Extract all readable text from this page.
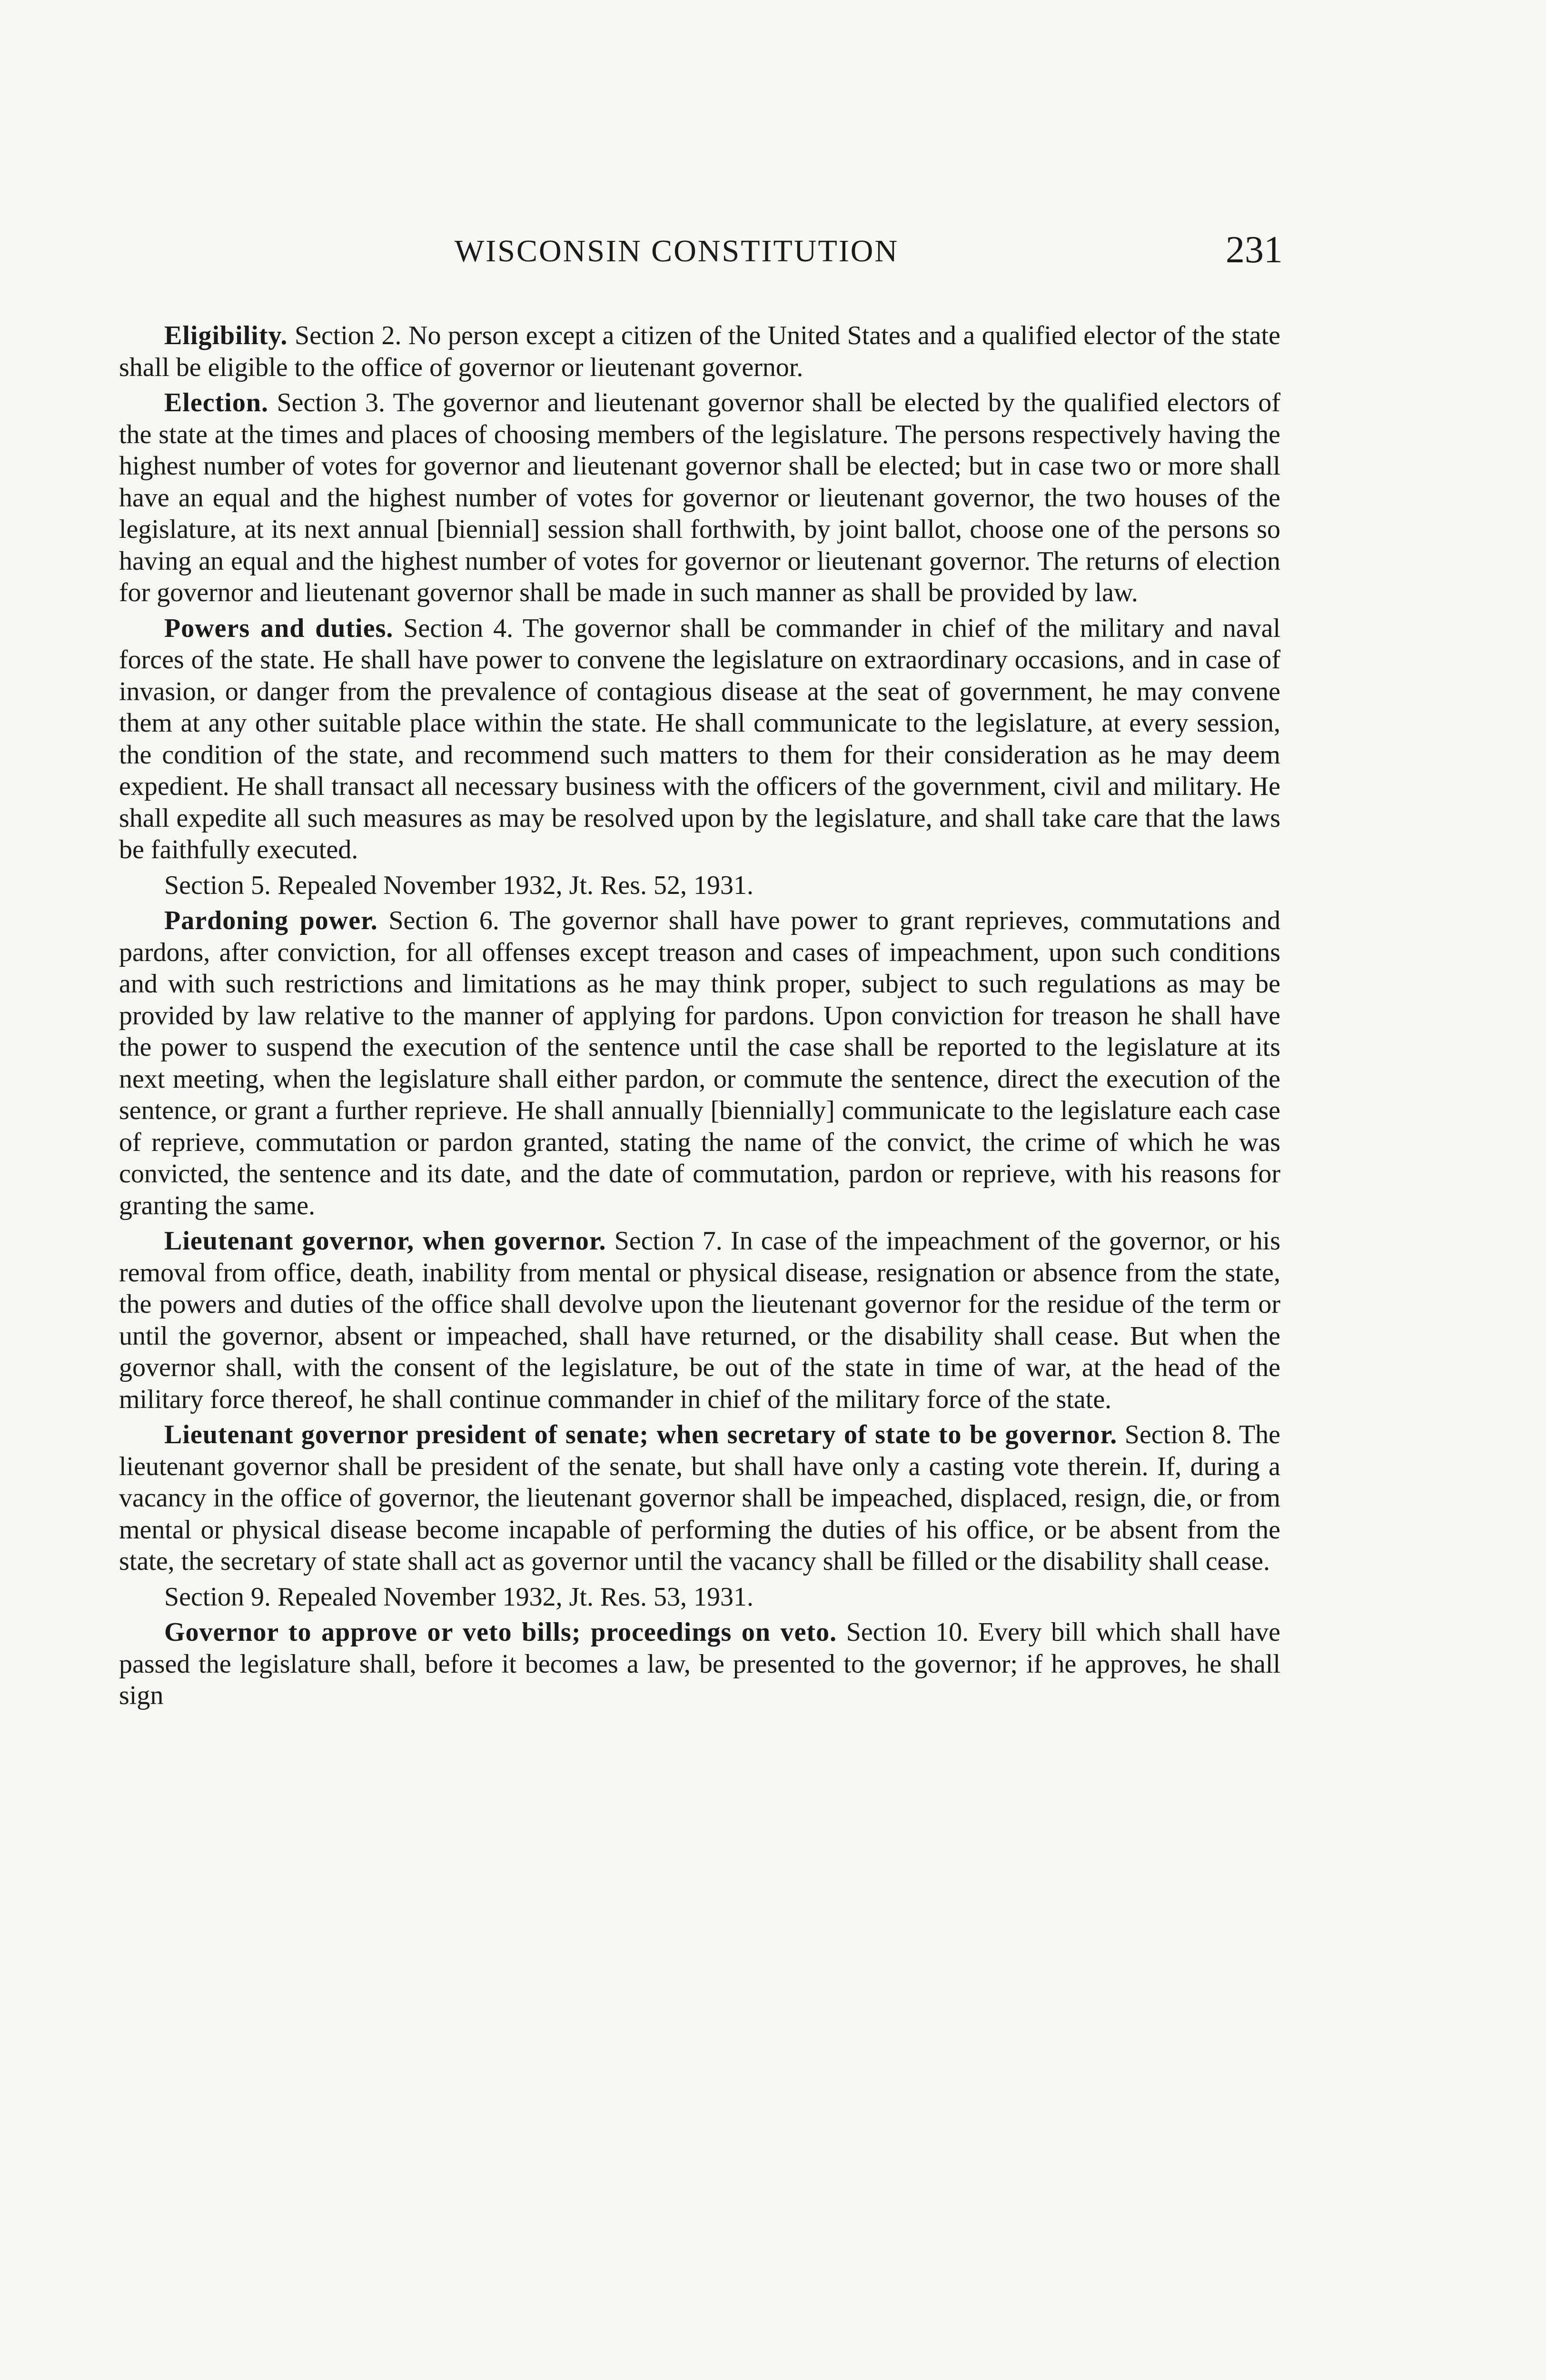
WISCONSIN CONSTITUTION	231

Eligibility. Section 2. No person except a citizen of the United States and a qualified elector of the state shall be eligible to the office of governor or lieutenant governor.

Election. Section 3. The governor and lieutenant governor shall be elected by the qualified electors of the state at the times and places of choosing members of the legislature. The persons respectively having the highest number of votes for governor and lieutenant governor shall be elected; but in case two or more shall have an equal and the highest number of votes for governor or lieutenant governor, the two houses of the legislature, at its next annual [biennial] session shall forthwith, by joint ballot, choose one of the persons so having an equal and the highest number of votes for governor or lieutenant governor. The returns of election for governor and lieutenant governor shall be made in such manner as shall be provided by law.

Powers and duties. Section 4. The governor shall be commander in chief of the military and naval forces of the state. He shall have power to convene the legislature on extraordinary occasions, and in case of invasion, or danger from the prevalence of contagious disease at the seat of government, he may convene them at any other suitable place within the state. He shall communicate to the legislature, at every session, the condition of the state, and recommend such matters to them for their consideration as he may deem expedient. He shall transact all necessary business with the officers of the government, civil and military. He shall expedite all such measures as may be resolved upon by the legislature, and shall take care that the laws be faithfully executed.

Section 5. Repealed November 1932, Jt. Res. 52, 1931.

Pardoning power. Section 6. The governor shall have power to grant reprieves, commutations and pardons, after conviction, for all offenses except treason and cases of impeachment, upon such conditions and with such restrictions and limitations as he may think proper, subject to such regulations as may be provided by law relative to the manner of applying for pardons. Upon conviction for treason he shall have the power to suspend the execution of the sentence until the case shall be reported to the legislature at its next meeting, when the legislature shall either pardon, or commute the sentence, direct the execution of the sentence, or grant a further reprieve. He shall annually [biennially] communicate to the legislature each case of reprieve, commutation or pardon granted, stating the name of the convict, the crime of which he was convicted, the sentence and its date, and the date of commutation, pardon or reprieve, with his reasons for granting the same.

Lieutenant governor, when governor. Section 7. In case of the impeachment of the governor, or his removal from office, death, inability from mental or physical disease, resignation or absence from the state, the powers and duties of the office shall devolve upon the lieutenant governor for the residue of the term or until the governor, absent or impeached, shall have returned, or the disability shall cease. But when the governor shall, with the consent of the legislature, be out of the state in time of war, at the head of the military force thereof, he shall continue commander in chief of the military force of the state.

Lieutenant governor president of senate; when secretary of state to be governor. Section 8. The lieutenant governor shall be president of the senate, but shall have only a casting vote therein. If, during a vacancy in the office of governor, the lieutenant governor shall be impeached, displaced, resign, die, or from mental or physical disease become incapable of performing the duties of his office, or be absent from the state, the secretary of state shall act as governor until the vacancy shall be filled or the disability shall cease.

Section 9. Repealed November 1932, Jt. Res. 53, 1931.

Governor to approve or veto bills; proceedings on veto. Section 10. Every bill which shall have passed the legislature shall, before it becomes a law, be presented to the governor; if he approves, he shall sign
